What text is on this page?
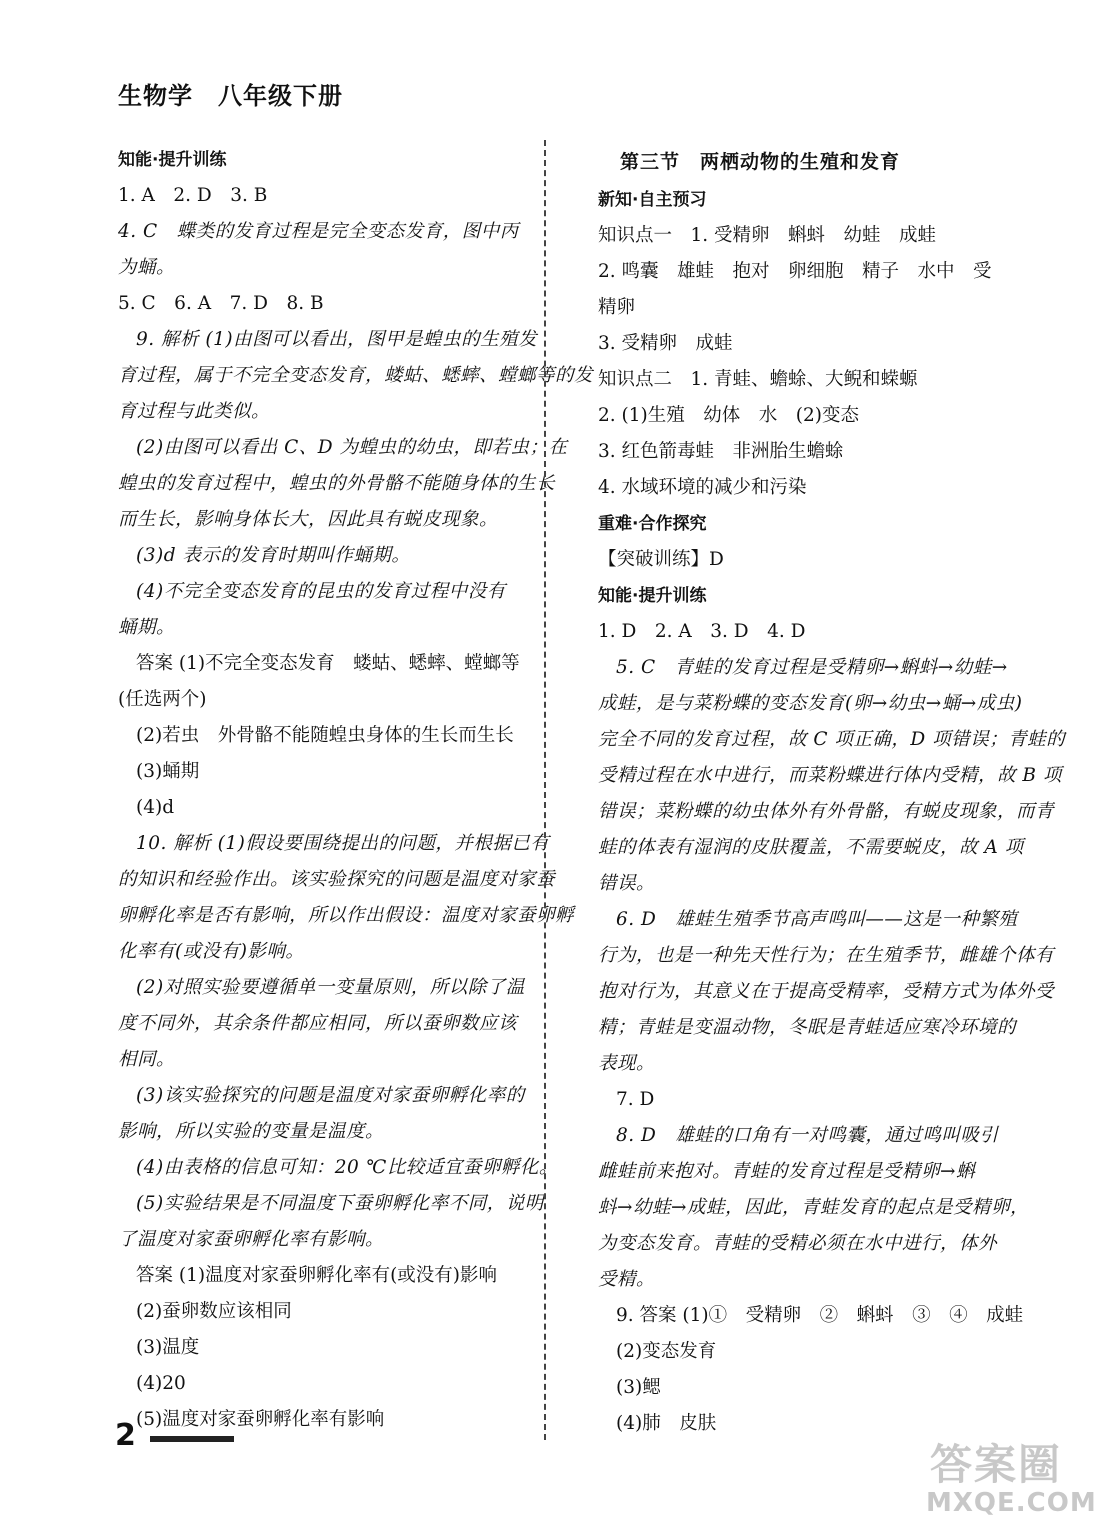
生物学　八年级下册
知能·提升训练
1. A　2. D　3. B
4. C　蝶类的发育过程是完全变态发育，图中丙
为蛹。
5. C　6. A　7. D　8. B
9. 解析 (1)由图可以看出，图甲是蝗虫的生殖发
育过程，属于不完全变态发育，蝼蛄、蟋蟀、螳螂等的发
育过程与此类似。
(2)由图可以看出 C、D 为蝗虫的幼虫，即若虫；在
蝗虫的发育过程中，蝗虫的外骨骼不能随身体的生长
而生长，影响身体长大，因此具有蜕皮现象。
(3)d 表示的发育时期叫作蛹期。
(4)不完全变态发育的昆虫的发育过程中没有
蛹期。
答案 (1)不完全变态发育　蝼蛄、蟋蟀、螳螂等
(任选两个)
(2)若虫　外骨骼不能随蝗虫身体的生长而生长
(3)蛹期
(4)d
10. 解析 (1)假设要围绕提出的问题，并根据已有
的知识和经验作出。该实验探究的问题是温度对家蚕
卵孵化率是否有影响，所以作出假设：温度对家蚕卵孵
化率有(或没有)影响。
(2)对照实验要遵循单一变量原则，所以除了温
度不同外，其余条件都应相同，所以蚕卵数应该
相同。
(3)该实验探究的问题是温度对家蚕卵孵化率的
影响，所以实验的变量是温度。
(4)由表格的信息可知：20 ℃比较适宜蚕卵孵化。
(5)实验结果是不同温度下蚕卵孵化率不同，说明
了温度对家蚕卵孵化率有影响。
答案 (1)温度对家蚕卵孵化率有(或没有)影响
(2)蚕卵数应该相同
(3)温度
(4)20
(5)温度对家蚕卵孵化率有影响
第三节　两栖动物的生殖和发育
新知·自主预习
知识点一　1. 受精卵　蝌蚪　幼蛙　成蛙
2. 鸣囊　雄蛙　抱对　卵细胞　精子　水中　受
精卵
3. 受精卵　成蛙
知识点二　1. 青蛙、蟾蜍、大鲵和蝾螈
2. (1)生殖　幼体　水　(2)变态
3. 红色箭毒蛙　非洲胎生蟾蜍
4. 水域环境的减少和污染
重难·合作探究
【突破训练】D
知能·提升训练
1. D　2. A　3. D　4. D
5. C　青蛙的发育过程是受精卵→蝌蚪→幼蛙→
成蛙，是与菜粉蝶的变态发育(卵→幼虫→蛹→成虫)
完全不同的发育过程，故 C 项正确，D 项错误；青蛙的
受精过程在水中进行，而菜粉蝶进行体内受精，故 B 项
错误；菜粉蝶的幼虫体外有外骨骼，有蜕皮现象，而青
蛙的体表有湿润的皮肤覆盖，不需要蜕皮，故 A 项
错误。
6. D　雄蛙生殖季节高声鸣叫——这是一种繁殖
行为，也是一种先天性行为；在生殖季节，雌雄个体有
抱对行为，其意义在于提高受精率，受精方式为体外受
精；青蛙是变温动物，冬眠是青蛙适应寒冷环境的
表现。
7. D
8. D　雄蛙的口角有一对鸣囊，通过鸣叫吸引
雌蛙前来抱对。青蛙的发育过程是受精卵→蝌
蚪→幼蛙→成蛙，因此，青蛙发育的起点是受精卵，
为变态发育。青蛙的受精必须在水中进行，体外
受精。
9. 答案 (1)①　受精卵　②　蝌蚪　③　④　成蛙
(2)变态发育
(3)鳃
(4)肺　皮肤
2
答案圈
MXQE.COM
